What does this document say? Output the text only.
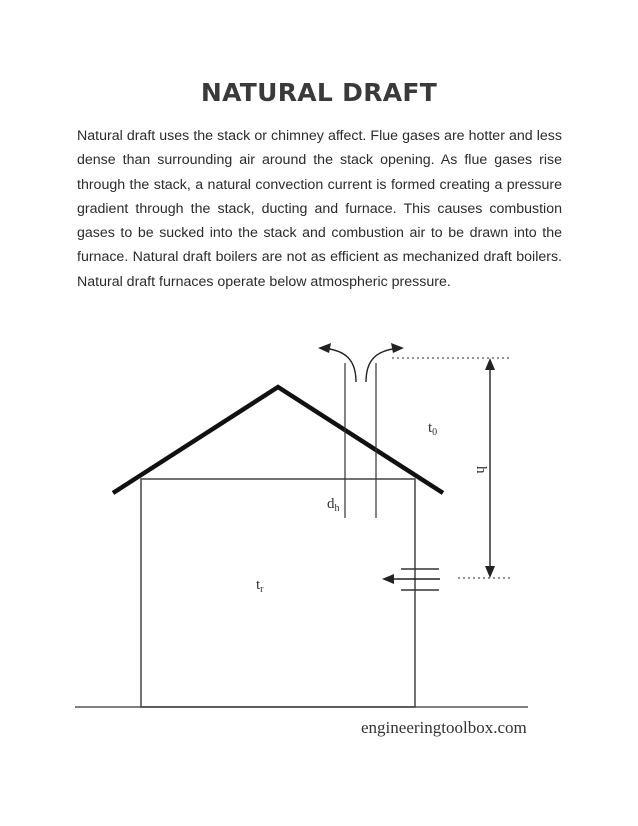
NATURAL DRAFT

Natural draft uses the stack or chimney affect. Flue gases are hotter and less dense than surrounding air around the stack opening. As flue gases rise through the stack, a natural convection current is formed creating a pressure gradient through the stack, ducting and furnace. This causes combustion gases to be sucked into the stack and combustion air to be drawn into the furnace. Natural draft boilers are not as efficient as mechanized draft boilers. Natural draft furnaces operate below atmospheric pressure.

$t_0$
$d_h$
$t_r$
h
engineeringtoolbox.com
